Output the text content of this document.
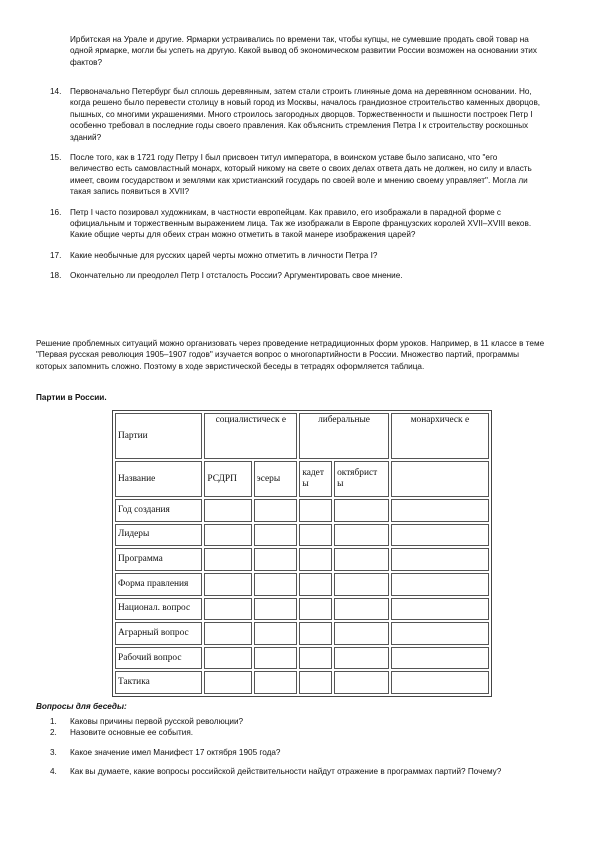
Ирбитская на Урале и другие. Ярмарки устраивались по времени так, чтобы купцы, не сумевшие продать свой товар на одной ярмарке, могли бы успеть на другую. Какой вывод об экономическом развитии России возможен на основании этих фактов?

14.	Первоначально Петербург был сплошь деревянным, затем стали строить глиняные дома на деревянном основании. Но, когда решено было перевести столицу в новый город из Москвы, началось грандиозное строительство каменных дворцов, пышных, со многими украшениями. Много строилось загородных дворцов. Торжественности и пышности построек Петр I особенно требовал в последние годы своего правления. Как объяснить стремления Петра I к строительству роскошных зданий?
15.	После того, как в 1721 году Петру I был присвоен титул императора, в воинском уставе было записано, что "его величество есть самовластный монарх, который никому на свете о своих делах ответа дать не должен, но силу и власть имеет, своим государством и землями как христианский государь по своей воле и мнению своему управляет". Могла ли такая запись появиться в XVII?
16.	Петр I часто позировал художникам, в частности европейцам. Как правило, его изображали в парадной форме с официальным и торжественным выражением лица. Так же изображали в Европе французских королей XVII–XVIII веков. Какие общие черты для обеих стран можно отметить в такой манере изображения царей?
17.	Какие необычные для русских царей черты можно отметить в личности Петра I?
18.	Окончательно ли преодолел Петр I отсталость России? Аргументировать свое мнение.

Решение проблемных ситуаций можно организовать через проведение нетрадиционных форм уроков. Например, в 11 классе в теме "Первая русская революция 1905–1907 годов" изучается вопрос о многопартийности в России. Множество партий, программы которых запомнить сложно. Поэтому в ходе эвристической беседы в тетрадях оформляется таблица.

Партии в России.

Партии	социалистическ е		либеральные		монархическ е
Название	РСДРП	эсеры	кадет ы	октябрист ы	
Год создания					
Лидеры					
Программа					
Форма правления					
Национал. вопрос					
Аграрный вопрос					
Рабочий вопрос					
Тактика					

Вопросы для беседы:

1. Каковы причины первой русской революции?
2. Назовите основные ее события.
3. Какое значение имел Манифест 17 октября 1905 года?
4. Как вы думаете, какие вопросы российской действительности найдут отражение в программах партий? Почему?
